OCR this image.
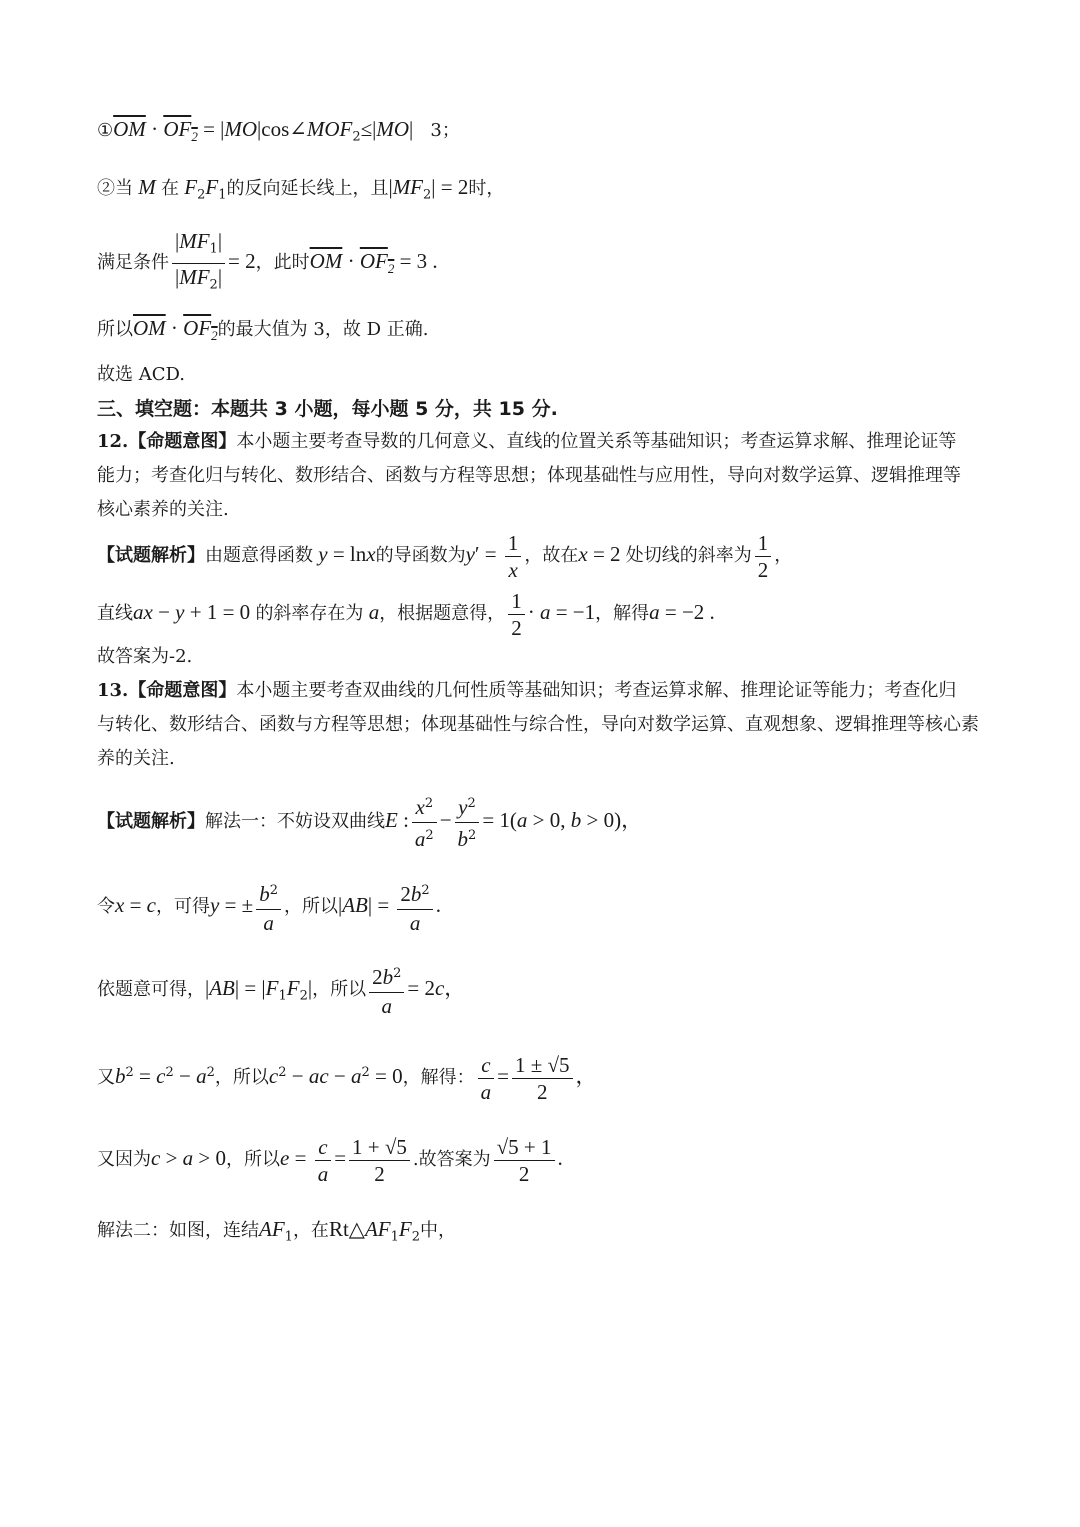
$①\overline{OM} \cdot OF_2$ = $|MO|\cos\angle MOF_2\le|MO|$ 3；
②当 M 在 $F_2F_1$的反向延长线上，且$|MF_2| = 2$时，
满足条件 $\frac{|MF_1|}{|MF_2|} = 2$，此时$\overline{OM} \cdot OF_2 = 3$ .
所以$\overline{OM} \cdot OF_2$的最大值为 3，故 D 正确.
故选 ACD.
三、填空题：本题共 3 小题，每小题 5 分，共 15 分.
12.【命题意图】本小题主要考查导数的几何意义、直线的位置关系等基础知识；考查运算求解、推理论证等
能力；考查化归与转化、数形结合、函数与方程等思想；体现基础性与应用性，导向对数学运算、逻辑推理等
核心素养的关注.
【试题解析】由题意得函数 y = lnx的导函数为$y' = \frac{1}{x}$ ，故在x = 2 处切线的斜率为 $\frac{1}{2}$ ，
直线ax − y + 1 = 0 的斜率存在为 a，根据题意得， $\frac{1}{2} \cdot a = -1$，解得a = −2 .
故答案为-2.
13.【命题意图】本小题主要考查双曲线的几何性质等基础知识；考查运算求解、推理论证等能力；考查化归
与转化、数形结合、函数与方程等思想；体现基础性与综合性，导向对数学运算、直观想象、逻辑推理等核心素
养的关注.
【试题解析】解法一：不妨设双曲线E : $\frac{x^2}{a^2} - \frac{y^2}{b^2} = 1(a > 0$, b > 0)，
令x = c，可得y = ± $\frac{b^2}{a}$ ，所以$|AB| = \frac{2b^2}{a}$ .
依题意可得，$|AB| = |F_1F_2|$，所以 $\frac{2b^2}{a} = 2c$，
又$b^2 = c^2 - a^2$，所以$c^2$ − ac − $a^2 = 0$，解得： $\frac{c}{a} = \frac{1 \pm √5}{2}$ ，
又因为c > a > 0，所以$e = \frac{c}{a} = \frac{1 + √5}{2}$ .故答案为 $\frac{√5 + 1}{2}$ .
解法二：如图，连结$AF_1$，在$Rt\triangle AF_1F_2$中，
